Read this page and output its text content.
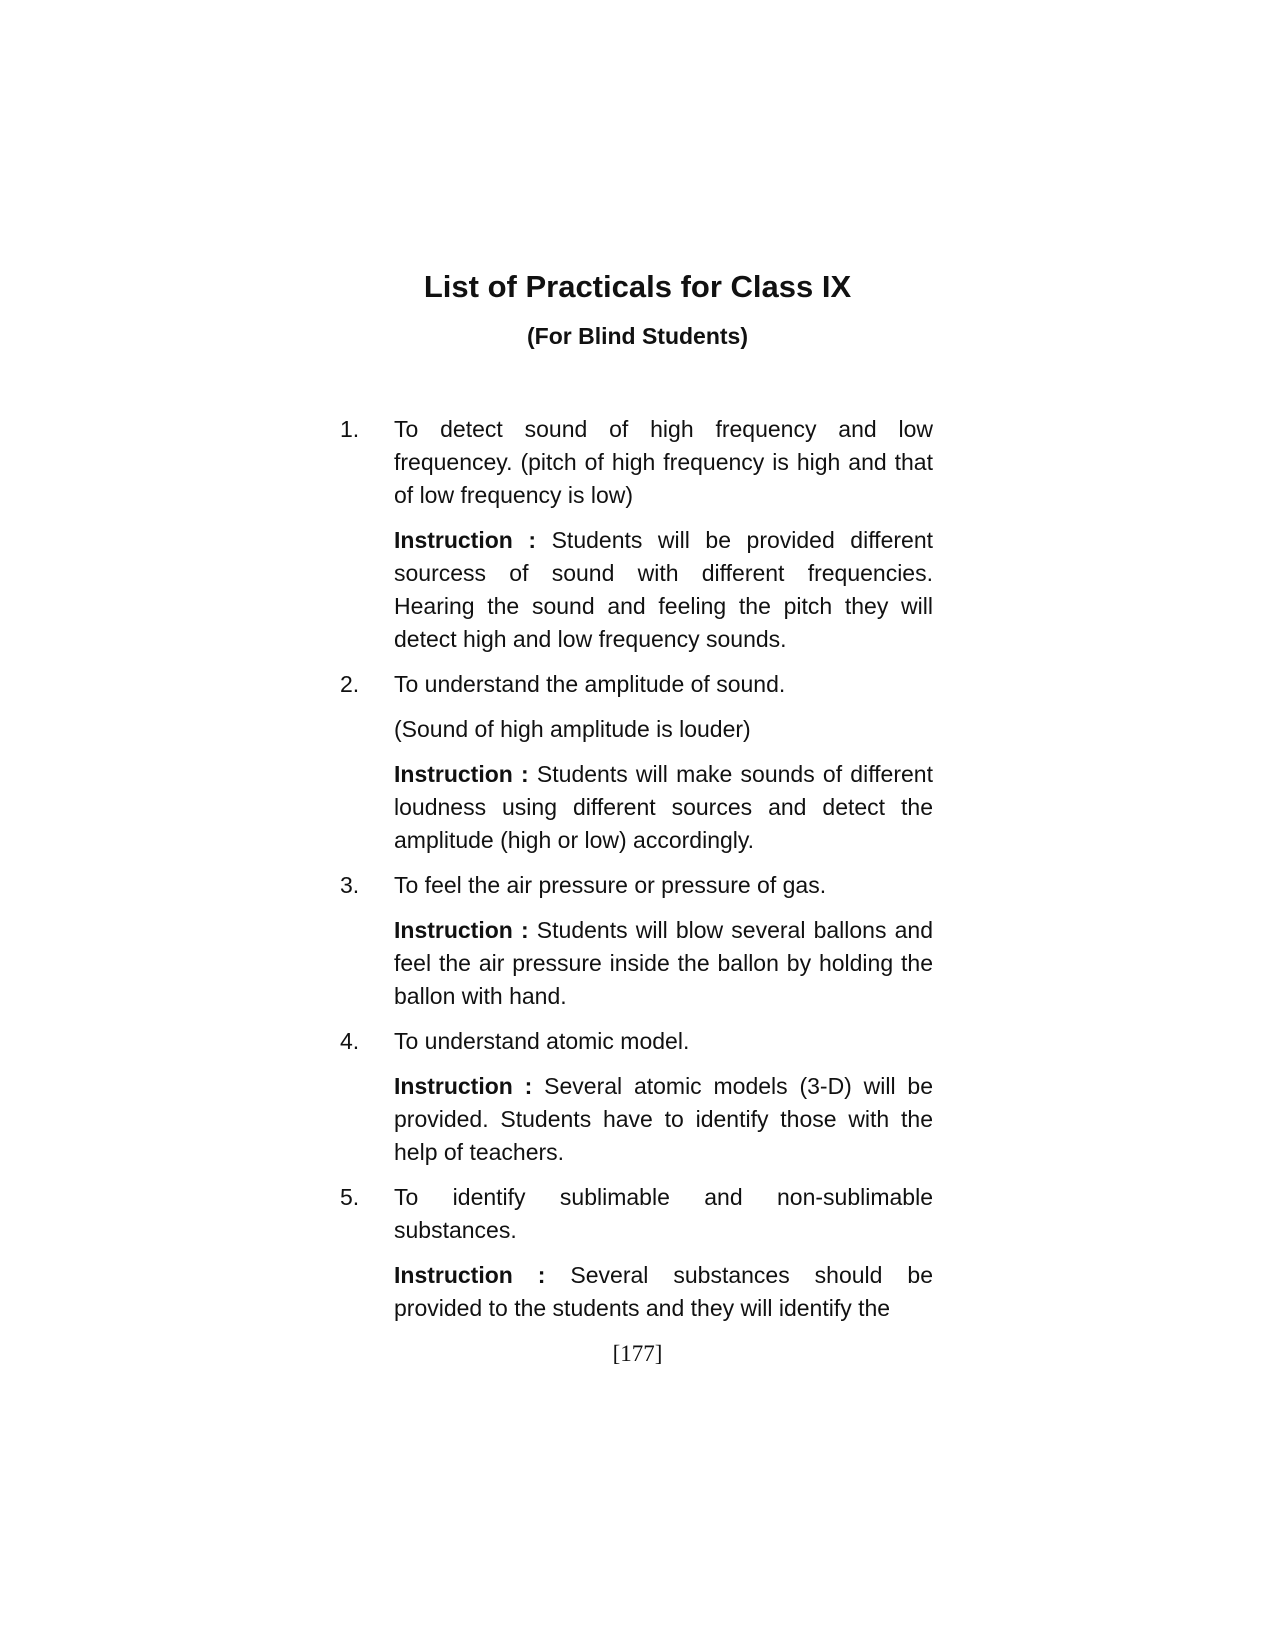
List of Practicals for Class IX
(For Blind Students)
1. To detect sound of high frequency and low frequencey. (pitch of high frequency is high and that of low frequency is low)

Instruction : Students will be provided different sourcess of sound with different frequencies. Hearing the sound and feeling the pitch they will detect high and low frequency sounds.

2. To understand the amplitude of sound.

(Sound of high amplitude is louder)

Instruction : Students will make sounds of different loudness using different sources and detect the amplitude (high or low) accordingly.

3. To feel the air pressure or pressure of gas.

Instruction : Students will blow several ballons and feel the air pressure inside the ballon by holding the ballon with hand.

4. To understand atomic model.

Instruction : Several atomic models (3-D) will be provided. Students have to identify those with the help of teachers.

5. To identify sublimable and non-sublimable substances.

Instruction : Several substances should be provided to the students and they will identify the

[177]
